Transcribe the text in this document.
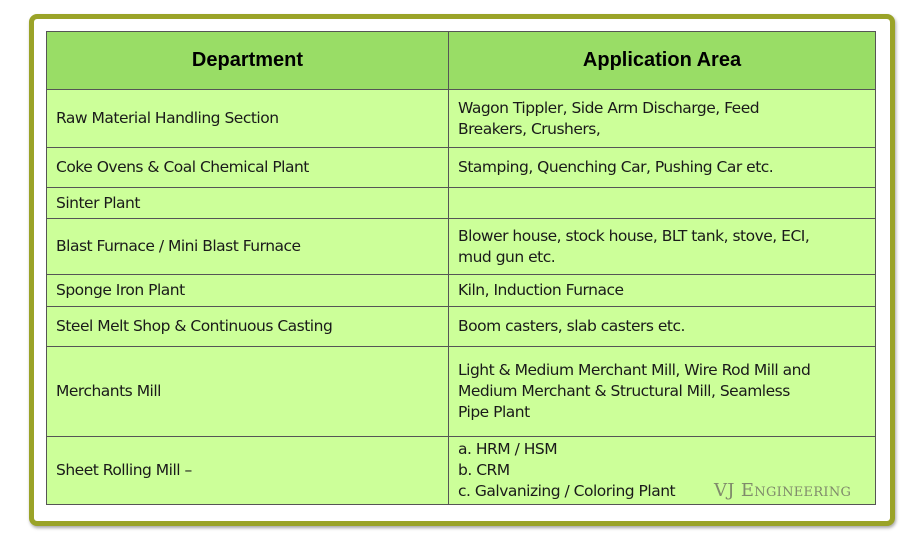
Department	Application Area
Raw Material Handling Section	Wagon Tippler, Side Arm Discharge, Feed
Breakers, Crushers,

Coke Ovens & Coal Chemical Plant	Stamping, Quenching Car, Pushing Car etc.

Sinter Plant	
Blast Furnace / Mini Blast Furnace	Blower house, stock house, BLT tank, stove, ECI,
mud gun etc.

Sponge Iron Plant	Kiln, Induction Furnace

Steel Melt Shop & Continuous Casting	Boom casters, slab casters etc.

Merchants Mill	Light & Medium Merchant Mill, Wire Rod Mill and
Medium Merchant & Structural Mill, Seamless
Pipe Plant

Sheet Rolling Mill –	a. HRM / HSM
b. CRM
c. Galvanizing / Coloring Plant	VJ Engineering
